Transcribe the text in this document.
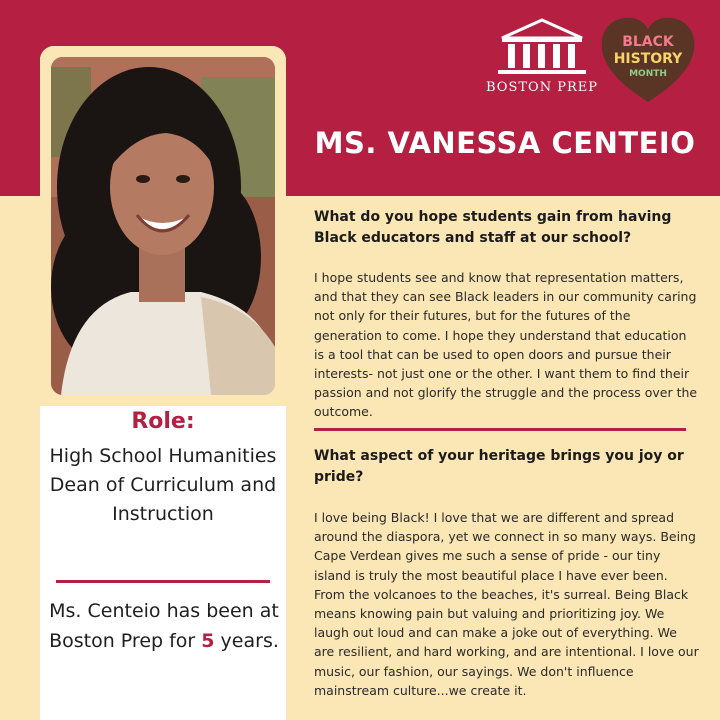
Role:
High School Humanities Dean of Curriculum and Instruction
Ms. Centeio has been at Boston Prep for 5 years.
BOSTON PREP
BLACK
HISTORY
MONTH
MS. VANESSA CENTEIO
What do you hope students gain from having Black educators and staff at our school?
I hope students see and know that representation matters, and that they can see Black leaders in our community caring not only for their futures, but for the futures of the generation to come. I hope they understand that education is a tool that can be used to open doors and pursue their interests- not just one or the other. I want them to find their passion and not glorify the struggle and the process over the outcome.
What aspect of your heritage brings you joy or pride?
I love being Black! I love that we are different and spread around the diaspora, yet we connect in so many ways. Being Cape Verdean gives me such a sense of pride - our tiny island is truly the most beautiful place I have ever been. From the volcanoes to the beaches, it's surreal. Being Black means knowing pain but valuing and prioritizing joy. We laugh out loud and can make a joke out of everything. We are resilient, and hard working, and are intentional. I love our music, our fashion, our sayings. We don't influence mainstream culture...we create it.
